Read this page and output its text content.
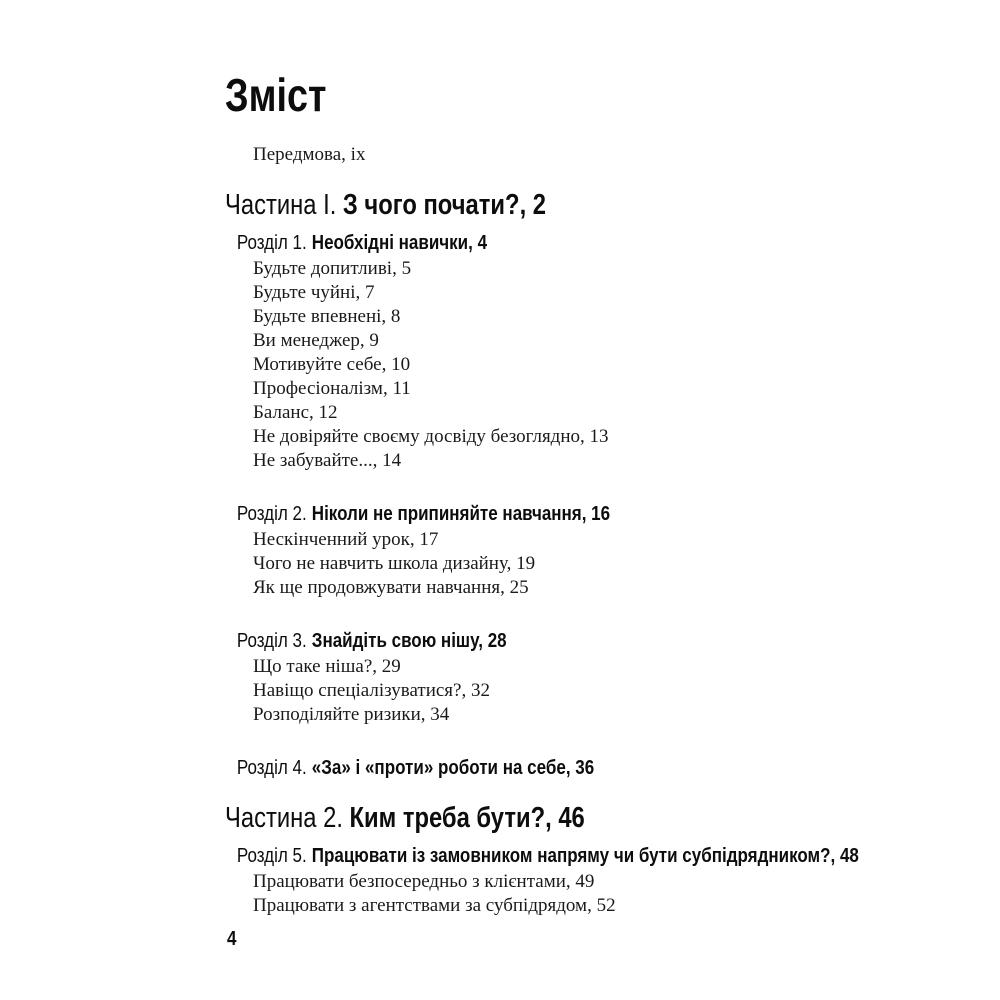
Зміст
Передмова, ix
Частина І. З чого почати?, 2
Розділ 1. Необхідні навички, 4
Будьте допитливі, 5
Будьте чуйні, 7
Будьте впевнені, 8
Ви менеджер, 9
Мотивуйте себе, 10
Професіоналізм, 11
Баланс, 12
Не довіряйте своєму досвіду безоглядно, 13
Не забувайте..., 14
Розділ 2. Ніколи не припиняйте навчання, 16
Нескінченний урок, 17
Чого не навчить школа дизайну, 19
Як ще продовжувати навчання, 25
Розділ 3. Знайдіть свою нішу, 28
Що таке ніша?, 29
Навіщо спеціалізуватися?, 32
Розподіляйте ризики, 34
Розділ 4. «За» і «проти» роботи на себе, 36
Частина 2. Ким треба бути?, 46
Розділ 5. Працювати із замовником напряму чи бути субпідрядником?, 48
Працювати безпосередньо з клієнтами, 49
Працювати з агентствами за субпідрядом, 52
4
